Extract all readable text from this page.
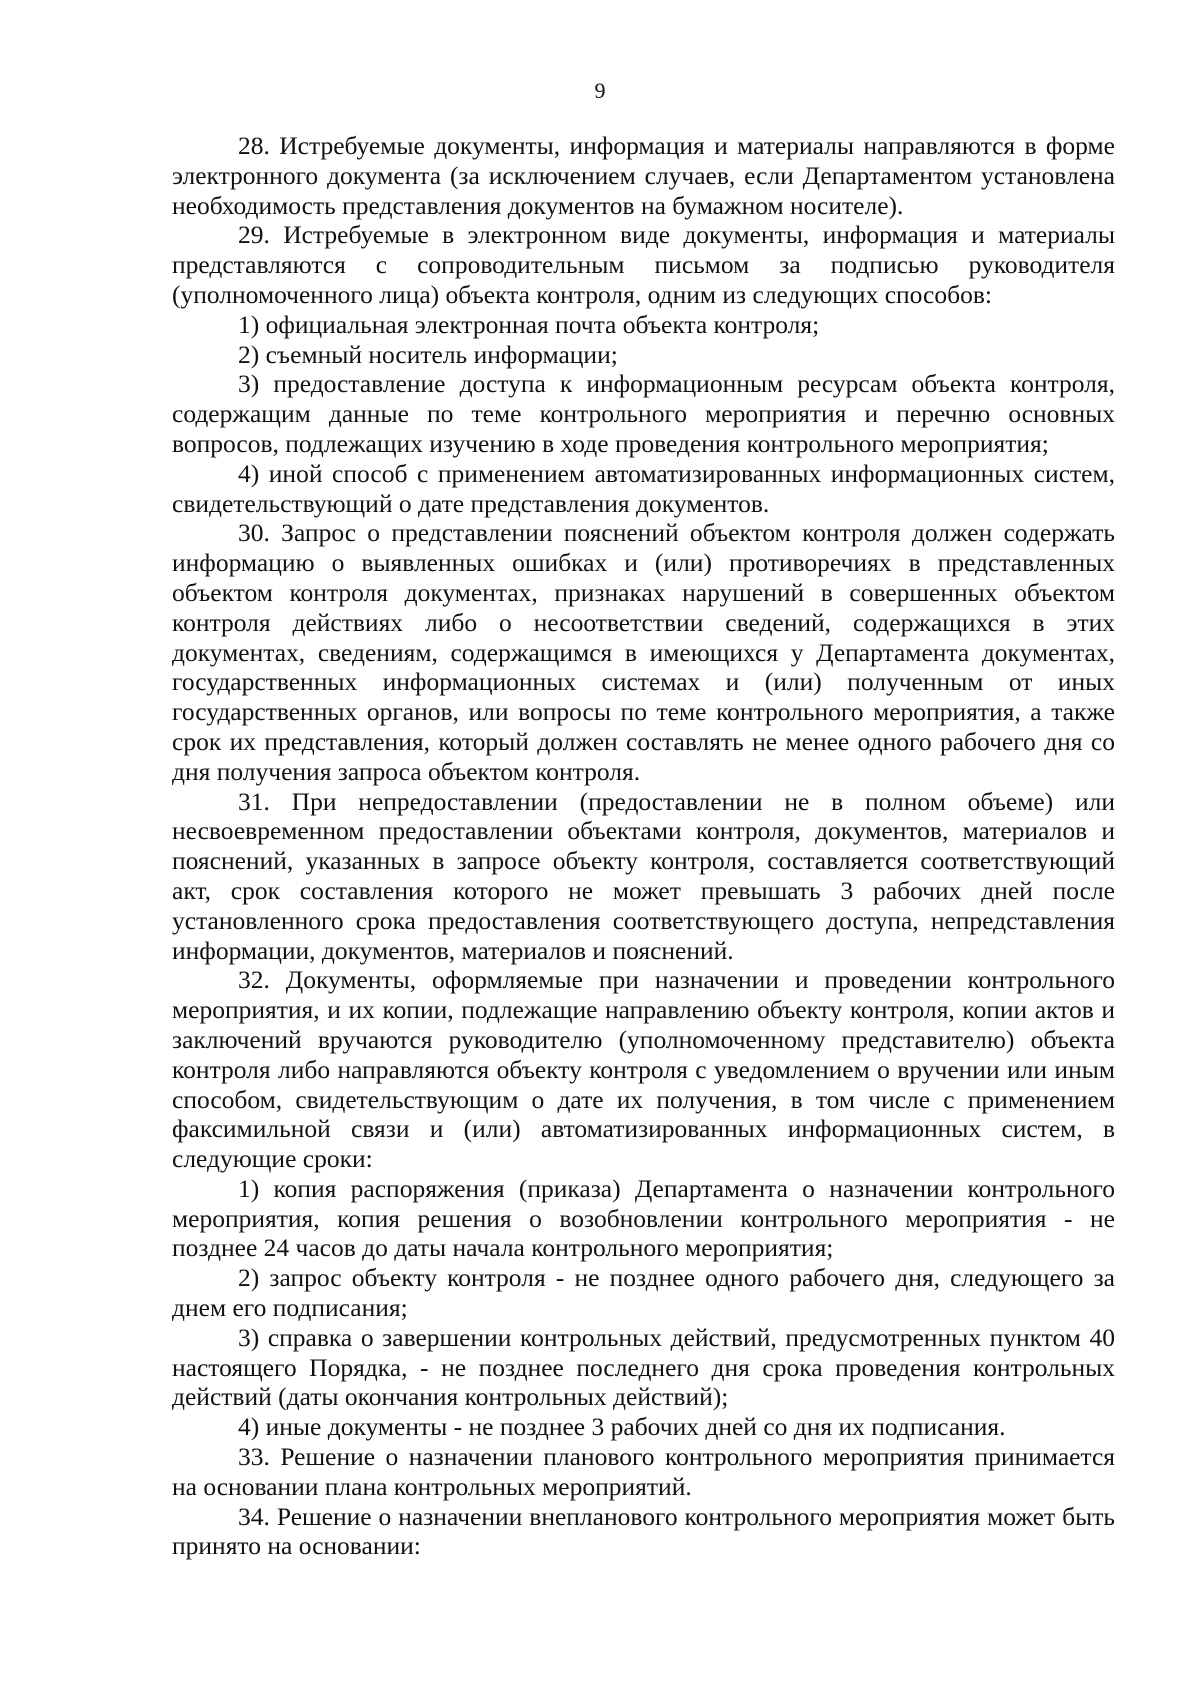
9

28. Истребуемые документы, информация и материалы направляются в форме электронного документа (за исключением случаев, если Департаментом установлена необходимость представления документов на бумажном носителе).

29. Истребуемые в электронном виде документы, информация и материалы представляются с сопроводительным письмом за подписью руководителя (уполномоченного лица) объекта контроля, одним из следующих способов:

1) официальная электронная почта объекта контроля;

2) съемный носитель информации;

3) предоставление доступа к информационным ресурсам объекта контроля, содержащим данные по теме контрольного мероприятия и перечню основных вопросов, подлежащих изучению в ходе проведения контрольного мероприятия;

4) иной способ с применением автоматизированных информационных систем, свидетельствующий о дате представления документов.

30. Запрос о представлении пояснений объектом контроля должен содержать информацию о выявленных ошибках и (или) противоречиях в представленных объектом контроля документах, признаках нарушений в совершенных объектом контроля действиях либо о несоответствии сведений, содержащихся в этих документах, сведениям, содержащимся в имеющихся у Департамента документах, государственных информационных системах и (или) полученным от иных государственных органов, или вопросы по теме контрольного мероприятия, а также срок их представления, который должен составлять не менее одного рабочего дня со дня получения запроса объектом контроля.

31. При непредоставлении (предоставлении не в полном объеме) или несвоевременном предоставлении объектами контроля, документов, материалов и пояснений, указанных в запросе объекту контроля, составляется соответствующий акт, срок составления которого не может превышать 3 рабочих дней после установленного срока предоставления соответствующего доступа, непредставления информации, документов, материалов и пояснений.

32. Документы, оформляемые при назначении и проведении контрольного мероприятия, и их копии, подлежащие направлению объекту контроля, копии актов и заключений вручаются руководителю (уполномоченному представителю) объекта контроля либо направляются объекту контроля с уведомлением о вручении или иным способом, свидетельствующим о дате их получения, в том числе с применением факсимильной связи и (или) автоматизированных информационных систем, в следующие сроки:

1) копия распоряжения (приказа) Департамента о назначении контрольного мероприятия, копия решения о возобновлении контрольного мероприятия - не позднее 24 часов до даты начала контрольного мероприятия;

2) запрос объекту контроля - не позднее одного рабочего дня, следующего за днем его подписания;

3) справка о завершении контрольных действий, предусмотренных пунктом 40 настоящего Порядка, - не позднее последнего дня срока проведения контрольных действий (даты окончания контрольных действий);

4) иные документы - не позднее 3 рабочих дней со дня их подписания.

33. Решение о назначении планового контрольного мероприятия принимается на основании плана контрольных мероприятий.

34. Решение о назначении внепланового контрольного мероприятия может быть принято на основании:
